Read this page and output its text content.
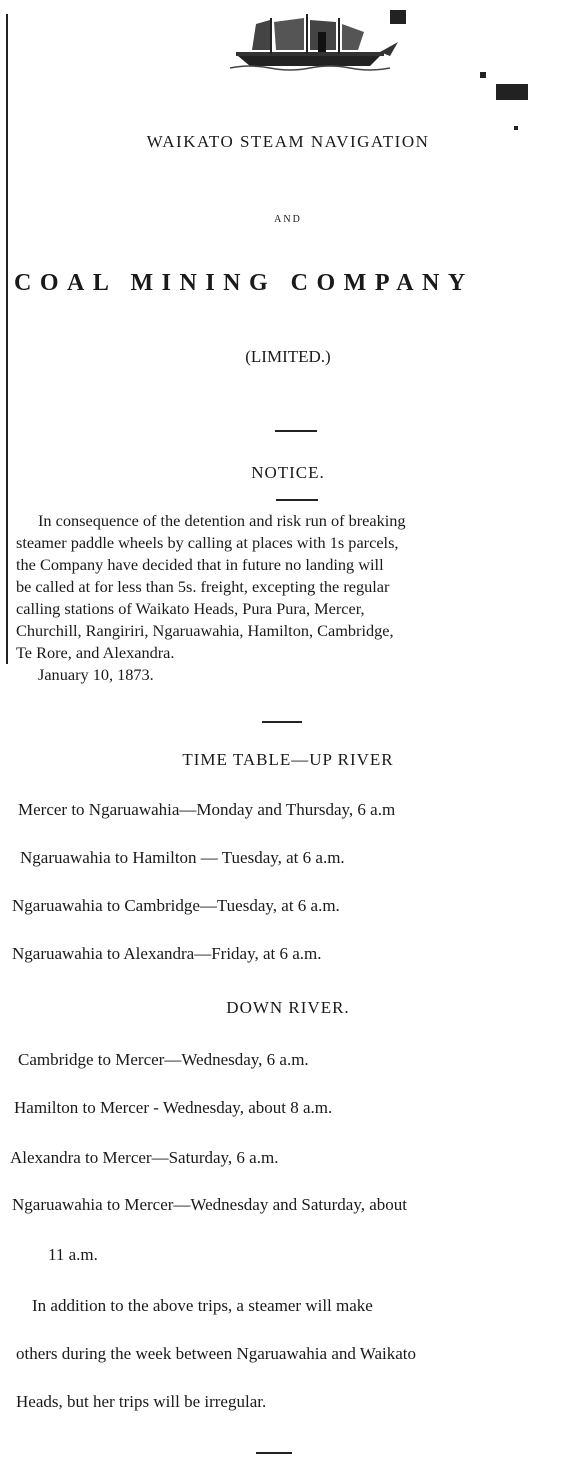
WAIKATO STEAM NAVIGATION
AND
COAL MINING COMPANY
(LIMITED.)
NOTICE.
In consequence of the detention and risk run of breaking
steamer paddle wheels by calling at places with 1s parcels,
the Company have decided that in future no landing will
be called at for less than 5s. freight, excepting the regular
calling stations of Waikato Heads, Pura Pura, Mercer,
Churchill, Rangiriri, Ngaruawahia, Hamilton, Cambridge,
Te Rore, and Alexandra.
January 10, 1873.
TIME TABLE—UP RIVER
Mercer to Ngaruawahia—Monday and Thursday, 6 a.m
Ngaruawahia to Hamilton — Tuesday, at 6 a.m.
Ngaruawahia to Cambridge—Tuesday, at 6 a.m.
Ngaruawahia to Alexandra—Friday, at 6 a.m.
DOWN RIVER.
Cambridge to Mercer—Wednesday, 6 a.m.
Hamilton to Mercer - Wednesday, about 8 a.m.
Alexandra to Mercer—Saturday, 6 a.m.
Ngaruawahia to Mercer—Wednesday and Saturday, about
11 a.m.
In addition to the above trips, a steamer will make
others during the week between Ngaruawahia and Waikato
Heads, but her trips will be irregular.
